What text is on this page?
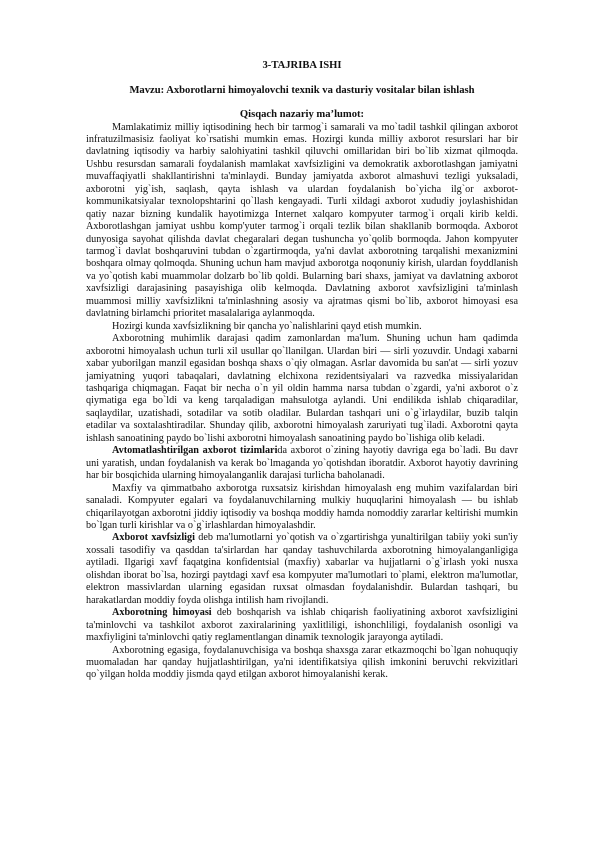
3-TAJRIBA ISHI
Mavzu: Axborotlarni himoyalovchi texnik va dasturiy vositalar bilan ishlash
Qisqach nazariy ma’lumot:

Mamlakatimiz milliy iqtisodining hech bir tarmog`i samarali va mo`tadil tashkil qilingan axborot infratuzilmasisiz faoliyat ko`rsatishi mumkin emas. Hozirgi kunda milliy axborot resurslari har bir davlatning iqtisodiy va harbiy salohiyatini tashkil qiluvchi omillaridan biri bo`lib xizmat qilmoqda. Ushbu resursdan samarali foydalanish mamlakat xavfsizligini va demokratik axborotlashgan jamiyatni muvaffaqiyatli shakllantirishni ta'minlaydi. Bunday jamiyatda axborot almashuvi tezligi yuksaladi, axborotni yig`ish, saqlash, qayta ishlash va ulardan foydalanish bo`yicha ilg`or axborot-kommunikatsiyalar texnolopshtarini qo`llash kengayadi. Turli xildagi axborot xududiy joylashishidan qatiy nazar bizning kundalik hayotimizga Internet xalqaro kompyuter tarmog`i orqali kirib keldi. Axborotlashgan jamiyat ushbu komp'yuter tarmog`i orqali tezlik bilan shakllanib bormoqda. Axborot dunyosiga sayohat qilishda davlat chegaralari degan tushuncha yo`qolib bormoqda. Jahon kompyuter tarmog`i davlat boshqaruvini tubdan o`zgartirmoqda, ya'ni davlat axborotning tarqalishi mexanizmini boshqara olmay qolmoqda. Shuning uchun ham mavjud axborotga noqonuniy kirish, ulardan foyddlanish va yo`qotish kabi muammolar dolzarb bo`lib qoldi. Bularning bari shaxs, jamiyat va davlatning axborot xavfsizligi darajasining pasayishiga olib kelmoqda. Davlatning axborot xavfsizligini ta'minlash muammosi milliy xavfsizlikni ta'minlashning asosiy va ajratmas qismi bo`lib, axborot himoyasi esa davlatning birlamchi prioritet masalalariga aylanmoqda.

Hozirgi kunda xavfsizlikning bir qancha yo`nalishlarini qayd etish mumkin.

Axborotning muhimlik darajasi qadim zamonlardan ma'lum. Shuning uchun ham qadimda axborotni himoyalash uchun turli xil usullar qo`llanilgan. Ulardan biri — sirli yozuvdir. Undagi xabarni xabar yuborilgan manzil egasidan boshqa shaxs o`qiy olmagan. Asrlar davomida bu san'at — sirli yozuv jamiyatning yuqori tabaqalari, davlatning elchixona rezidentsiyalari va razvedka missiyalaridan tashqariga chiqmagan. Faqat bir necha o`n yil oldin hamma narsa tubdan o`zgardi, ya'ni axborot o`z qiymatiga ega bo`ldi va keng tarqaladigan mahsulotga aylandi. Uni endilikda ishlab chiqaradilar, saqlaydilar, uzatishadi, sotadilar va sotib oladilar. Bulardan tashqari uni o`g`irlaydilar, buzib talqin etadilar va soxtalashtiradilar. Shunday qilib, axborotni himoyalash zaruriyati tug`iladi. Axborotni qayta ishlash sanoatining paydo bo`lishi axborotni himoyalash sanoatining paydo bo`lishiga olib keladi.

Avtomatlashtirilgan axborot tizimlarida axborot o`zining hayotiy davriga ega bo`ladi. Bu davr uni yaratish, undan foydalanish va kerak bo`lmaganda yo`qotishdan iboratdir. Axborot hayotiy davrining har bir bosqichida ularning himoyalanganlik darajasi turlicha baholanadi.

Maxfiy va qimmatbaho axborotga ruxsatsiz kirishdan himoyalash eng muhim vazifalardan biri sanaladi. Kompyuter egalari va foydalanuvchilarning mulkiy huquqlarini himoyalash — bu ishlab chiqarilayotgan axborotni jiddiy iqtisodiy va boshqa moddiy hamda nomoddiy zararlar keltirishi mumkin bo`lgan turli kirishlar va o`g`irlashlardan himoyalashdir.

Axborot xavfsizligi deb ma'lumotlarni yo`qotish va o`zgartirishga yunaltirilgan tabiiy yoki sun'iy xossali tasodifiy va qasddan ta'sirlardan har qanday tashuvchilarda axborotning himoyalanganligiga aytiladi. Ilgarigi xavf faqatgina konfidentsial (maxfiy) xabarlar va hujjatlarni o`g`irlash yoki nusxa olishdan iborat bo`lsa, hozirgi paytdagi xavf esa kompyuter ma'lumotlari to`plami, elektron ma'lumotlar, elektron massivlardan ularning egasidan ruxsat olmasdan foydalanishdir. Bulardan tashqari, bu harakatlardan moddiy foyda olishga intilish ham rivojlandi.

Axborotning himoyasi deb boshqarish va ishlab chiqarish faoliyatining axborot xavfsizligini ta'minlovchi va tashkilot axborot zaxiralarining yaxlitliligi, ishonchliligi, foydalanish osonligi va maxfiyligini ta'minlovchi qatiy reglamentlangan dinamik texnologik jarayonga aytiladi.

Axborotning egasiga, foydalanuvchisiga va boshqa shaxsga zarar etkazmoqchi bo`lgan nohuquqiy muomaladan har qanday hujjatlashtirilgan, ya'ni identifikatsiya qilish imkonini beruvchi rekvizitlari qo`yilgan holda moddiy jismda qayd etilgan axborot himoyalanishi kerak.
